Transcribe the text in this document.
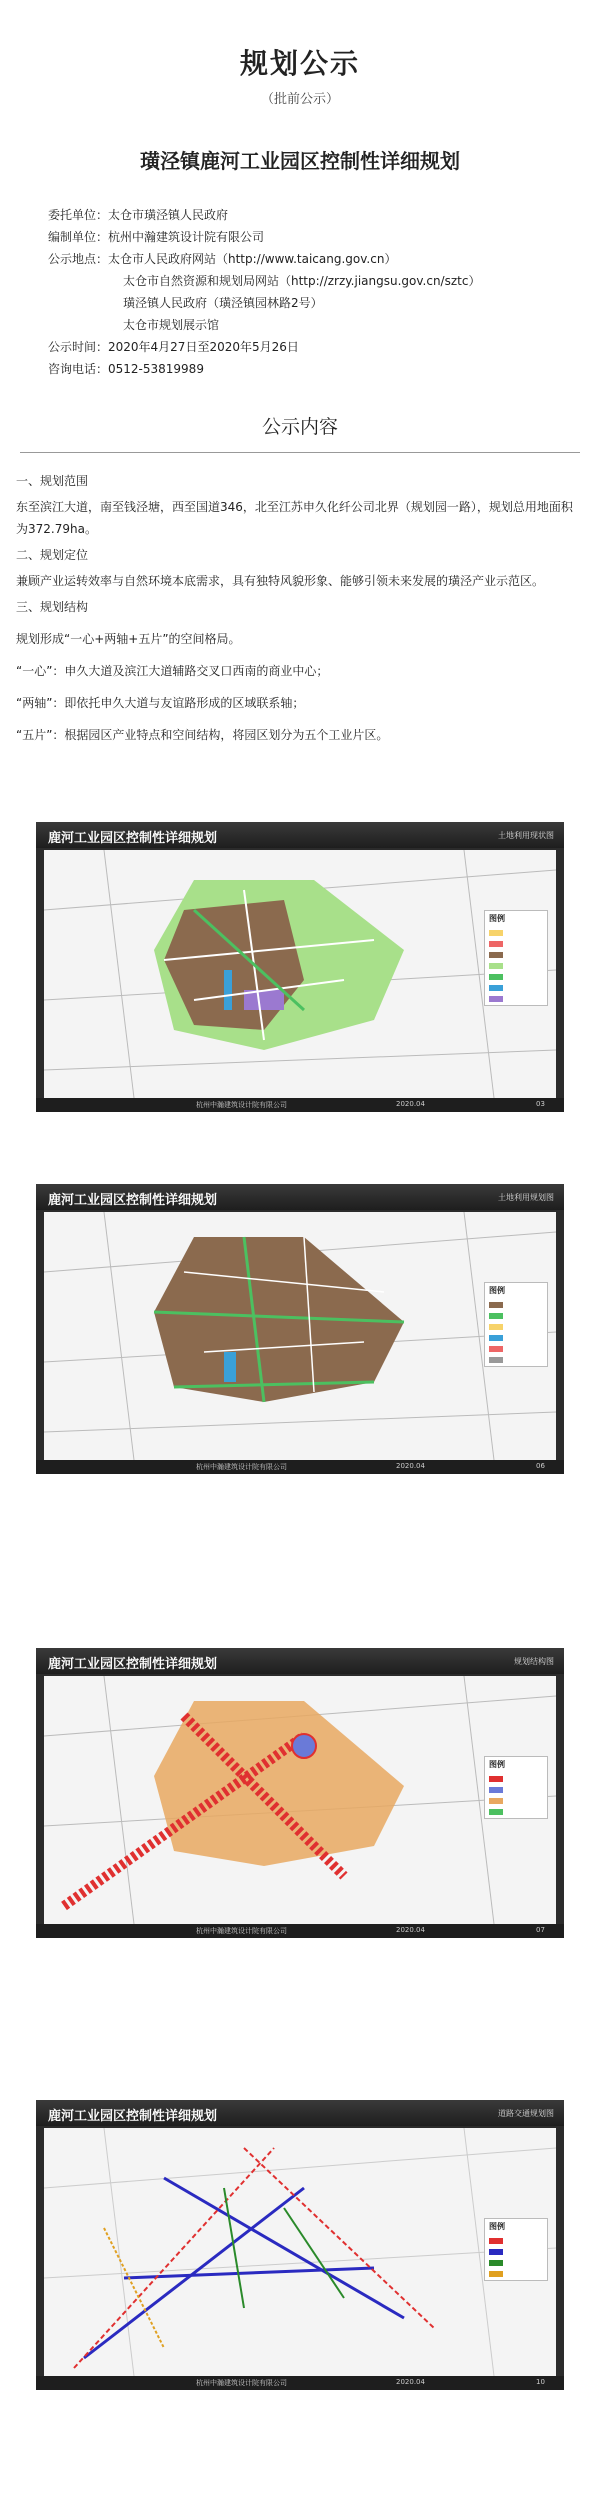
规划公示
（批前公示）
璜泾镇鹿河工业园区控制性详细规划
委托单位：太仓市璜泾镇人民政府
编制单位：杭州中瀚建筑设计院有限公司
公示地点：太仓市人民政府网站（http://www.taicang.gov.cn）
太仓市自然资源和规划局网站（http://zrzy.jiangsu.gov.cn/sztc）
璜泾镇人民政府（璜泾镇园林路2号）
太仓市规划展示馆
公示时间：2020年4月27日至2020年5月26日
咨询电话：0512-53819989
公示内容
一、规划范围
东至滨江大道，南至钱泾塘，西至国道346，北至江苏申久化纤公司北界（规划园一路），规划总用地面积为372.79ha。
二、规划定位
兼顾产业运转效率与自然环境本底需求，具有独特风貌形象、能够引领未来发展的璜泾产业示范区。
三、规划结构
规划形成“一心+两轴+五片”的空间格局。
“一心”：申久大道及滨江大道辅路交叉口西南的商业中心；
“两轴”：即依托申久大道与友谊路形成的区域联系轴；
“五片”：根据园区产业特点和空间结构，将园区划分为五个工业片区。
鹿河工业园区控制性详细规划	土地利用现状图
图例
杭州中瀚建筑设计院有限公司	2020.04	03
鹿河工业园区控制性详细规划	土地利用规划图
图例
杭州中瀚建筑设计院有限公司	2020.04	06
鹿河工业园区控制性详细规划	规划结构图
图例
杭州中瀚建筑设计院有限公司	2020.04	07
鹿河工业园区控制性详细规划	道路交通规划图
图例
杭州中瀚建筑设计院有限公司	2020.04	10
